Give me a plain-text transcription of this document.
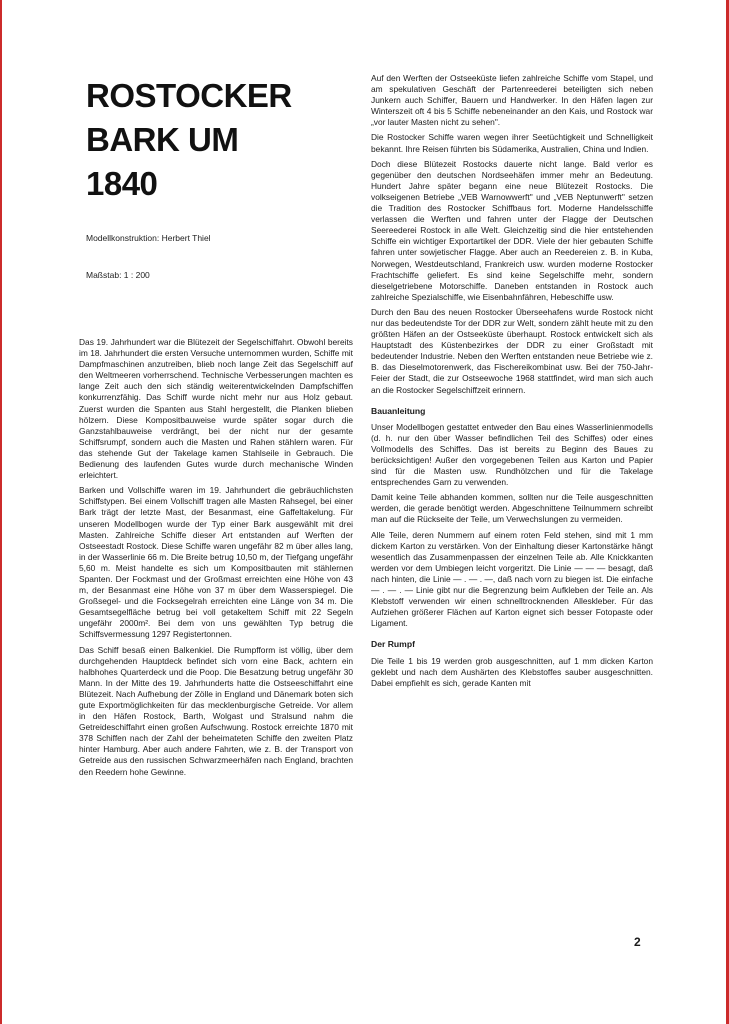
ROSTOCKER
BARK UM
1840
Modellkonstruktion: Herbert Thiel
Maßstab: 1 : 200

Das 19. Jahrhundert war die Blütezeit der Segelschiffahrt. Obwohl bereits im 18. Jahrhundert die ersten Versuche unternommen wurden, Schiffe mit Dampfmaschinen anzutreiben, blieb noch lange Zeit das Segelschiff auf den Weltmeeren vorherrschend. Technische Verbesserungen machten es lange Zeit auch den sich ständig weiterentwickelnden Dampfschiffen konkurrenzfähig. Das Schiff wurde nicht mehr nur aus Holz gebaut. Zuerst wurden die Spanten aus Stahl hergestellt, die Planken blieben hölzern. Diese Kompositbauweise wurde später sogar durch die Ganzstahlbauweise verdrängt, bei der nicht nur der gesamte Schiffsrumpf, sondern auch die Masten und Rahen stählern waren. Für das stehende Gut der Takelage kamen Stahlseile in Gebrauch. Die Bedienung des laufenden Gutes wurde durch mechanische Winden erleichtert.

Barken und Vollschiffe waren im 19. Jahrhundert die gebräuchlichsten Schiffstypen. Bei einem Vollschiff tragen alle Masten Rahsegel, bei einer Bark trägt der letzte Mast, der Besanmast, eine Gaffeltakelung. Für unseren Modellbogen wurde der Typ einer Bark ausgewählt mit drei Masten. Zahlreiche Schiffe dieser Art entstanden auf Werften der Ostseestadt Rostock. Diese Schiffe waren ungefähr 82 m über alles lang, in der Wasserlinie 66 m. Die Breite betrug 10,50 m, der Tiefgang ungefähr 5,60 m. Meist handelte es sich um Kompositbauten mit stählernen Spanten. Der Fockmast und der Großmast erreichten eine Höhe von 43 m, der Besanmast eine Höhe von 37 m über dem Wasserspiegel. Die Großsegel- und die Focksegelrah erreichten eine Länge von 34 m. Die Gesamtsegelfläche betrug bei voll getakeltem Schiff mit 22 Segeln ungefähr 2000m². Bei dem von uns gewählten Typ betrug die Schiffsvermessung 1297 Registertonnen.

Das Schiff besaß einen Balkenkiel. Die Rumpfform ist völlig, über dem durchgehenden Hauptdeck befindet sich vorn eine Back, achtern ein halbhohes Quarterdeck und die Poop. Die Besatzung betrug ungefähr 30 Mann. In der Mitte des 19. Jahrhunderts hatte die Ostseeschiffahrt eine Blütezeit. Nach Aufhebung der Zölle in England und Dänemark boten sich gute Exportmöglichkeiten für das mecklenburgische Getreide. Vor allem in den Häfen Rostock, Barth, Wolgast und Stralsund nahm die Getreideschiffahrt einen großen Aufschwung. Rostock erreichte 1870 mit 378 Schiffen nach der Zahl der beheimateten Schiffe den zweiten Platz hinter Hamburg. Aber auch andere Fahrten, wie z. B. der Transport von Getreide aus den russischen Schwarzmeerhäfen nach England, brachten den Reedern hohe Gewinne.

Auf den Werften der Ostseeküste liefen zahlreiche Schiffe vom Stapel, und am spekulativen Geschäft der Partenreederei beteiligten sich neben Junkern auch Schiffer, Bauern und Handwerker. In den Häfen lagen zur Winterszeit oft 4 bis 5 Schiffe nebeneinander an den Kais, und Rostock war „vor lauter Masten nicht zu sehen".

Die Rostocker Schiffe waren wegen ihrer Seetüchtigkeit und Schnelligkeit bekannt. Ihre Reisen führten bis Südamerika, Australien, China und Indien.

Doch diese Blütezeit Rostocks dauerte nicht lange. Bald verlor es gegenüber den deutschen Nordseehäfen immer mehr an Bedeutung. Hundert Jahre später begann eine neue Blütezeit Rostocks. Die volkseigenen Betriebe „VEB Warnowwerft" und „VEB Neptunwerft" setzen die Tradition des Rostocker Schiffbaus fort. Moderne Handelsschiffe verlassen die Werften und fahren unter der Flagge der Deutschen Seereederei Rostock in alle Welt. Gleichzeitig sind die hier entstehenden Schiffe ein wichtiger Exportartikel der DDR. Viele der hier gebauten Schiffe fahren unter sowjetischer Flagge. Aber auch an Reedereien z. B. in Kuba, Norwegen, Westdeutschland, Frankreich usw. wurden moderne Rostocker Frachtschiffe geliefert. Es sind keine Segelschiffe mehr, sondern dieselgetriebene Motorschiffe. Daneben entstanden in Rostock auch zahlreiche Spezialschiffe, wie Eisenbahnfähren, Hebeschiffe usw.

Durch den Bau des neuen Rostocker Überseehafens wurde Rostock nicht nur das bedeutendste Tor der DDR zur Welt, sondern zählt heute mit zu den größten Häfen an der Ostseeküste überhaupt. Rostock entwickelt sich als Hauptstadt des Küstenbezirkes der DDR zu einer Großstadt mit bedeutender Industrie. Neben den Werften entstanden neue Betriebe wie z. B. das Dieselmotorenwerk, das Fischereikombinat usw. Bei der 750-Jahr-Feier der Stadt, die zur Ostseewoche 1968 stattfindet, wird man sich auch an die Rostocker Segelschiffzeit erinnern.

Bauanleitung

Unser Modellbogen gestattet entweder den Bau eines Wasserlinienmodells (d. h. nur den über Wasser befindlichen Teil des Schiffes) oder eines Vollmodells des Schiffes. Das ist bereits zu Beginn des Baues zu berücksichtigen! Außer den vorgegebenen Teilen aus Karton und Papier sind für die Masten usw. Rundhölzchen und für die Takelage entsprechendes Garn zu verwenden.

Damit keine Teile abhanden kommen, sollten nur die Teile ausgeschnitten werden, die gerade benötigt werden. Abgeschnittene Teilnummern schreibt man auf die Rückseite der Teile, um Verwechslungen zu vermeiden.

Alle Teile, deren Nummern auf einem roten Feld stehen, sind mit 1 mm dickem Karton zu verstärken. Von der Einhaltung dieser Kartonstärke hängt wesentlich das Zusammenpassen der einzelnen Teile ab. Alle Knickkanten werden vor dem Umbiegen leicht vorgeritzt. Die Linie — — — besagt, daß nach hinten, die Linie — . — . —, daß nach vorn zu biegen ist. Die einfache — . — . — Linie gibt nur die Begrenzung beim Aufkleben der Teile an. Als Klebstoff verwenden wir einen schnelltrocknenden Alleskleber. Für das Aufziehen größerer Flächen auf Karton eignet sich besser Fotopaste oder Ligament.

Der Rumpf

Die Teile 1 bis 19 werden grob ausgeschnitten, auf 1 mm dicken Karton geklebt und nach dem Aushärten des Klebstoffes sauber ausgeschnitten. Dabei empfiehlt es sich, gerade Kanten mit

2
